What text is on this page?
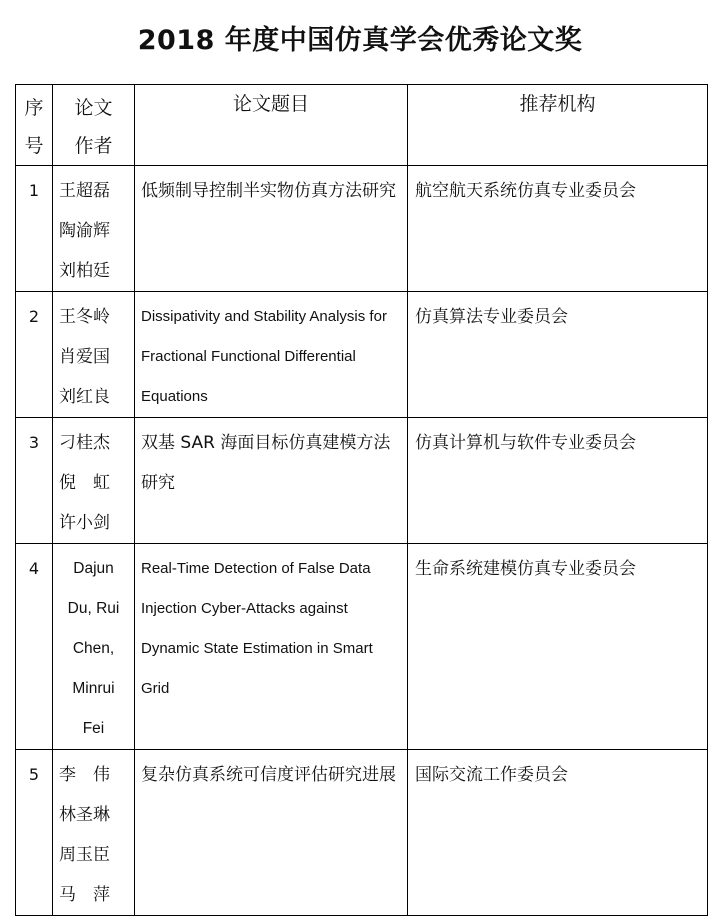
2018 年度中国仿真学会优秀论文奖
序
号	论文
作者	论文题目	推荐机构

1	王超磊
陶渝辉
刘柏廷	低频制导控制半实物仿真方法研究	航空航天系统仿真专业委员会

2	王冬岭
肖爱国
刘红良	Dissipativity and Stability Analysis for Fractional Functional Differential Equations	仿真算法专业委员会

3	刁桂杰
倪　虹
许小剑	双基 SAR 海面目标仿真建模方法研究	仿真计算机与软件专业委员会

4	Dajun
Du, Rui
Chen,
Minrui
Fei	Real-Time Detection of False Data Injection Cyber-Attacks against Dynamic State Estimation in Smart Grid	生命系统建模仿真专业委员会

5	李　伟
林圣琳
周玉臣
马　萍	复杂仿真系统可信度评估研究进展	国际交流工作委员会
